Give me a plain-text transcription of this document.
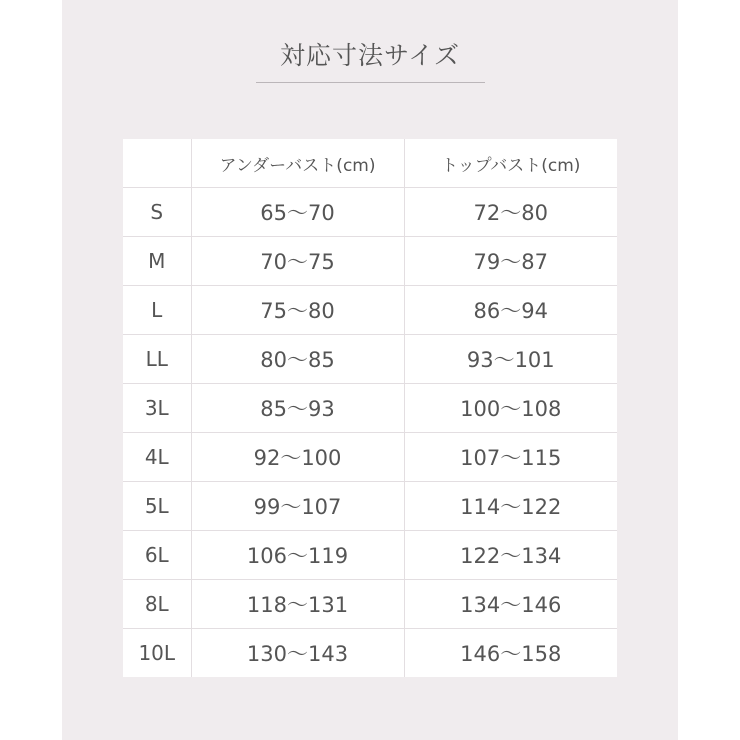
対応寸法サイズ
	アンダーバスト(cm)	トップバスト(cm)
S	65〜70	72〜80
M	70〜75	79〜87
L	75〜80	86〜94
LL	80〜85	93〜101
3L	85〜93	100〜108
4L	92〜100	107〜115
5L	99〜107	114〜122
6L	106〜119	122〜134
8L	118〜131	134〜146
10L	130〜143	146〜158
